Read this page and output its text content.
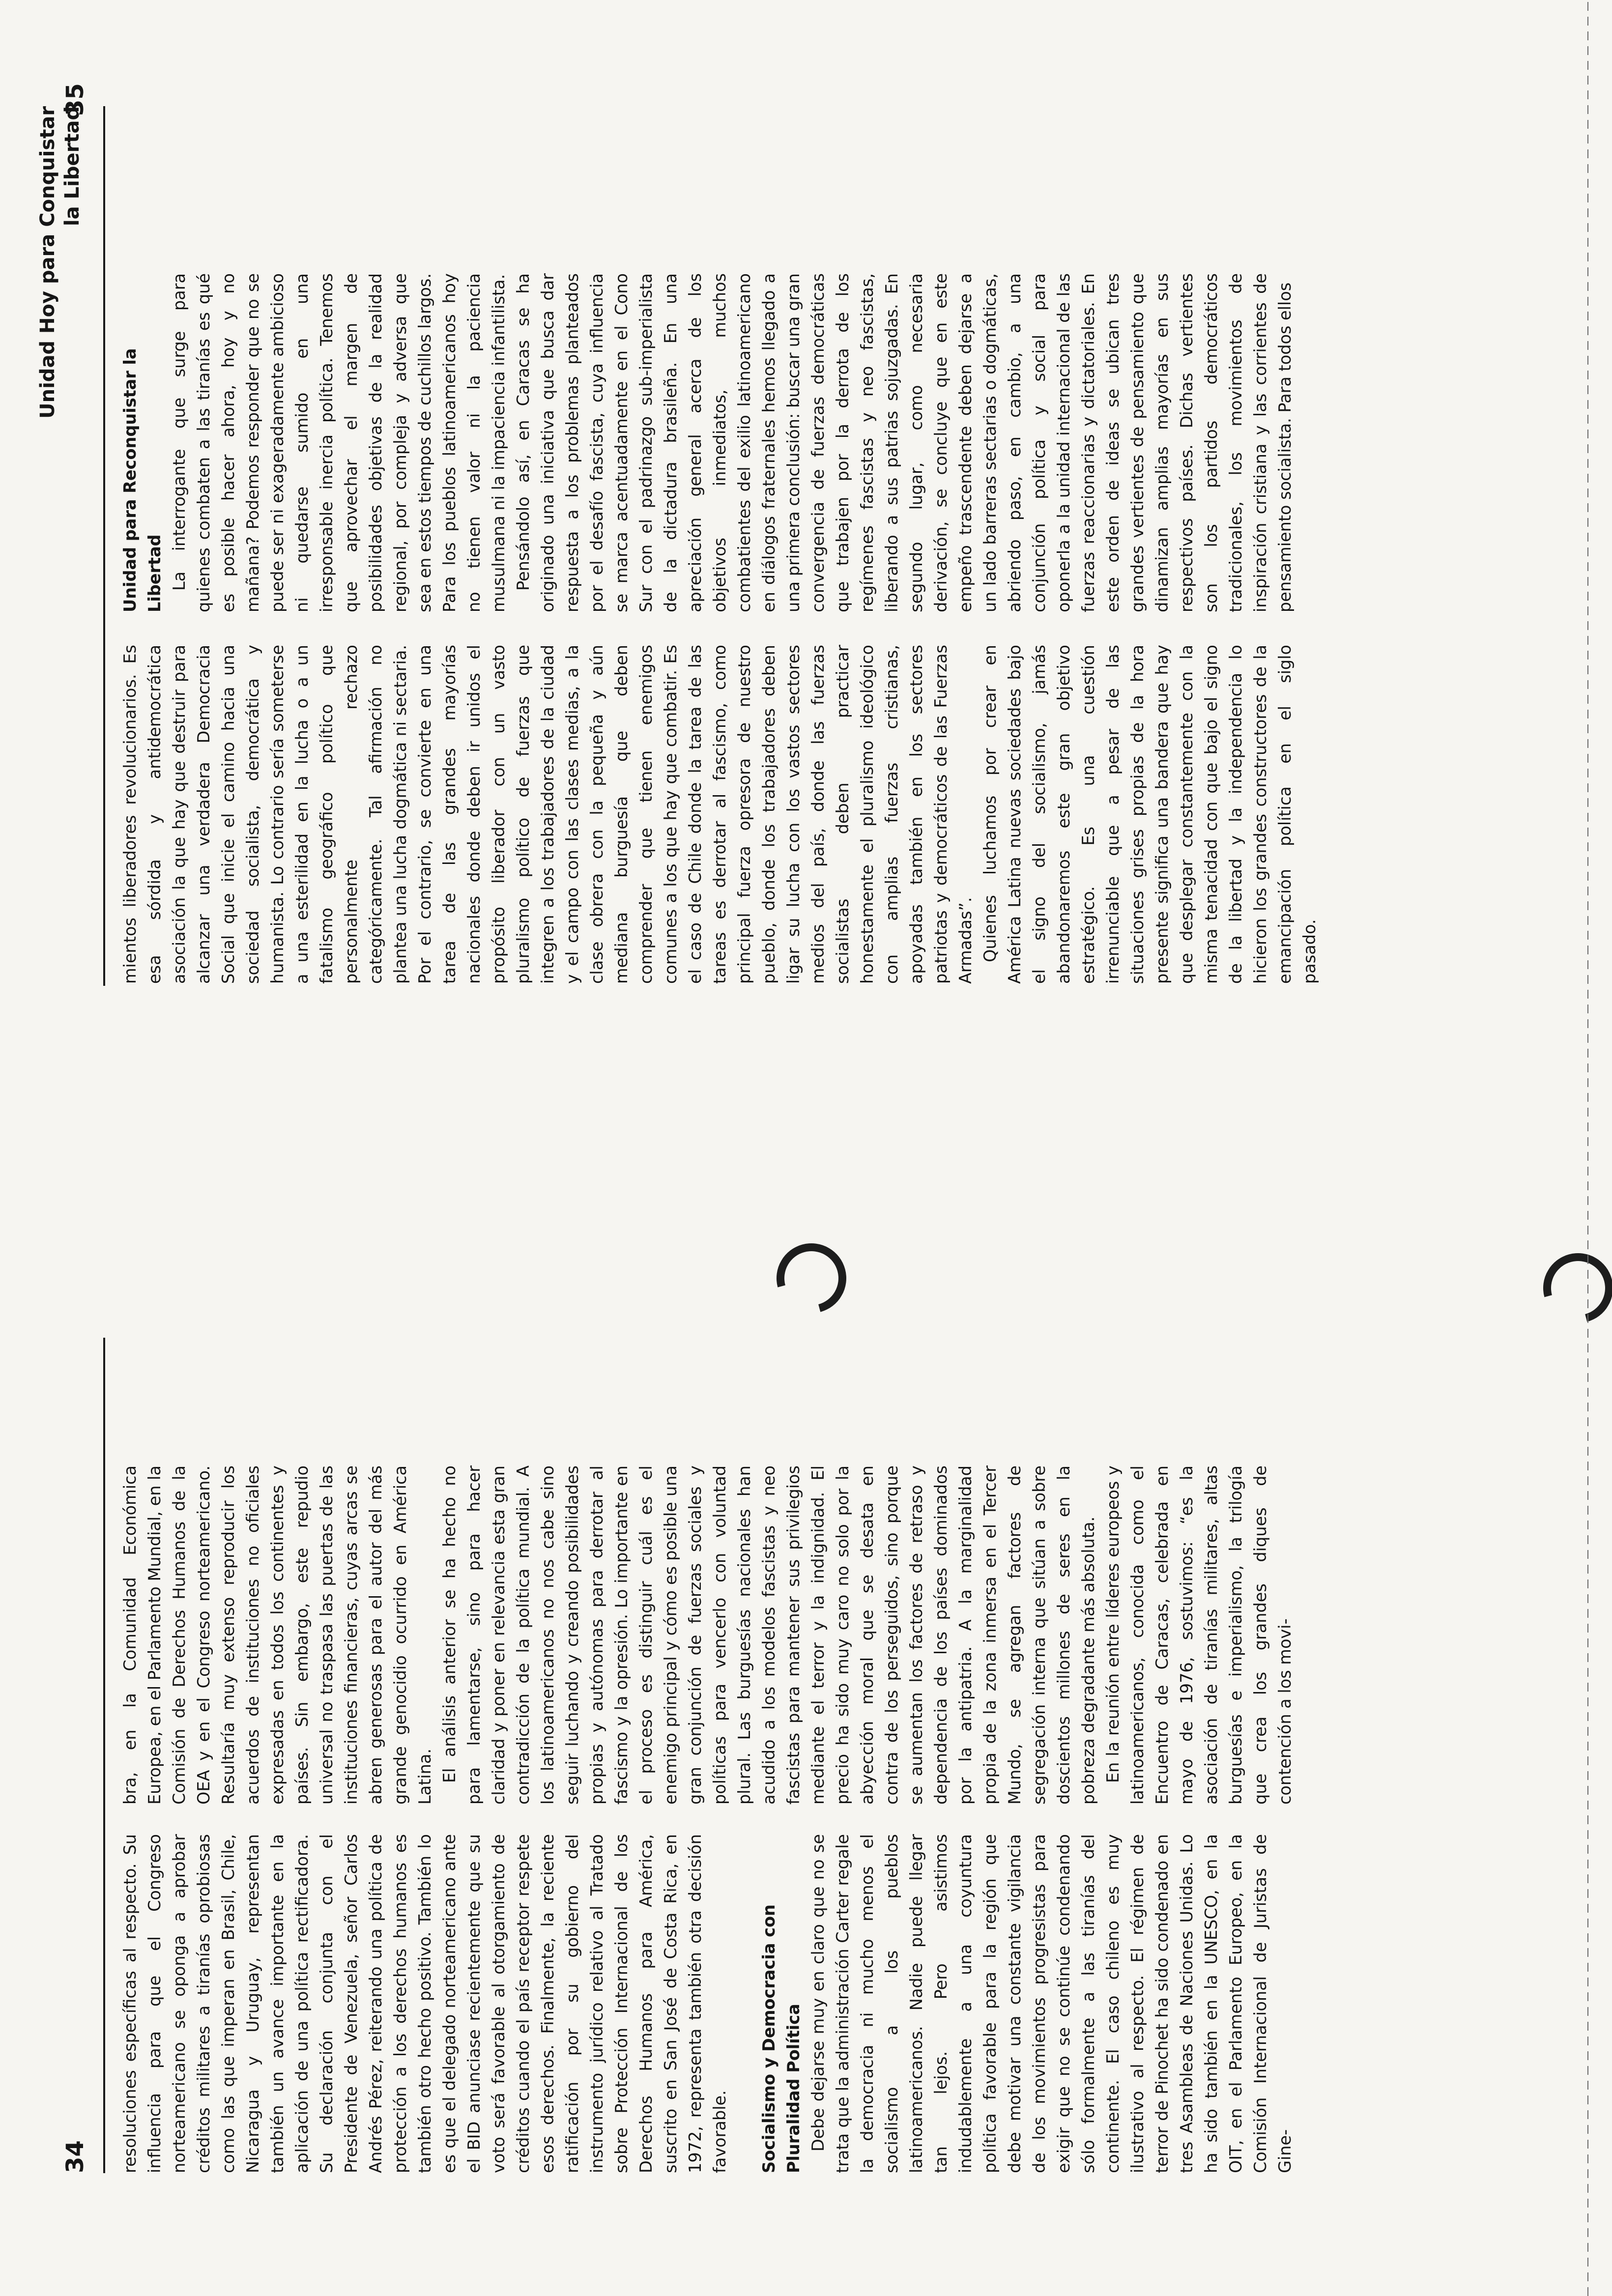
34 resoluciones específicas al respecto. Su influencia para que el Congreso norteamericano se oponga a aprobar créditos militares a tiranías oprobiosas como las que imperan en Brasil, Chile, Nicaragua y Uruguay, representan también un avance importante en la aplicación de una política rectificadora. Su declaración conjunta con el Presidente de Venezuela, señor Carlos Andrés Pérez, reiterando una política de protección a los derechos humanos es también otro hecho positivo. También lo es que el delegado norteamericano ante el BID anunciase recientemente que su voto será favorable al otorgamiento de créditos cuando el país receptor respete esos derechos. Finalmente, la reciente ratificación por su gobierno del instrumento jurídico relativo al Tratado sobre Protección Internacional de los Derechos Humanos para América, suscrito en San José de Costa Rica, en 1972, representa también otra decisión favorable. Socialismo y Democracia con Pluralidad Política Debe dejarse muy en claro que no se trata que la administración Carter regale la democracia ni mucho menos el socialismo a los pueblos latinoamericanos. Nadie puede llegar tan lejos. Pero asistimos indudablemente a una coyuntura política favorable para la región que debe motivar una constante vigilancia de los movimientos progresistas para exigir que no se continúe condenando sólo formalmente a las tiranías del continente. El caso chileno es muy ilustrativo al respecto. El régimen de terror de Pinochet ha sido condenado en tres Asambleas de Naciones Unidas. Lo ha sido también en la UNESCO, en la OIT, en el Parlamento Europeo, en la Comisión Internacional de Juristas de Gine-

bra, en la Comunidad Económica Europea, en el Parlamento Mundial, en la Comisión de Derechos Humanos de la OEA y en el Congreso norteamericano. Resultaría muy extenso reproducir los acuerdos de instituciones no oficiales expresadas en todos los continentes y países. Sin embargo, este repudio universal no traspasa las puertas de las instituciones financieras, cuyas arcas se abren generosas para el autor del más grande genocidio ocurrido en América Latina. El análisis anterior se ha hecho no para lamentarse, sino para hacer claridad y poner en relevancia esta gran contradicción de la política mundial. A los latinoamericanos no nos cabe sino seguir luchando y creando posibilidades propias y autónomas para derrotar al fascismo y la opresión. Lo importante en el proceso es distinguir cuál es el enemigo principal y cómo es posible una gran conjunción de fuerzas sociales y políticas para vencerlo con voluntad plural. Las burguesías nacionales han acudido a los modelos fascistas y neo fascistas para mantener sus privilegios mediante el terror y la indignidad. El precio ha sido muy caro no solo por la abyección moral que se desata en contra de los perseguidos, sino porque se aumentan los factores de retraso y dependencia de los países dominados por la antipatria. A la marginalidad propia de la zona inmersa en el Tercer Mundo, se agregan factores de segregación interna que sitúan a sobre doscientos millones de seres en la pobreza degradante más absoluta. En la reunión entre líderes europeos y latinoamericanos, conocida como el Encuentro de Caracas, celebrada en mayo de 1976, sostuvimos: “es la asociación de tiranías militares, altas burguesías e imperialismo, la trilogía que crea los grandes diques de contención a los movi-

35
Unidad Hoy para Conquistar la Libertad

mientos liberadores revolucionarios. Es esa sórdida y antidemocrática asociación la que hay que destruir para alcanzar una verdadera Democracia Social que inicie el camino hacia una sociedad socialista, democrática y humanista. Lo contrario sería someterse a una esterilidad en la lucha o a un fatalismo geográfico político que personalmente rechazo categóricamente. Tal afirmación no plantea una lucha dogmática ni sectaria. Por el contrario, se convierte en una tarea de las grandes mayorías nacionales donde deben ir unidos el propósito liberador con un vasto pluralismo político de fuerzas que integren a los trabajadores de la ciudad y el campo con las clases medias, a la clase obrera con la pequeña y aún mediana burguesía que deben comprender que tienen enemigos comunes a los que hay que combatir. Es el caso de Chile donde la tarea de las tareas es derrotar al fascismo, como principal fuerza opresora de nuestro pueblo, donde los trabajadores deben ligar su lucha con los vastos sectores medios del país, donde las fuerzas socialistas deben practicar honestamente el pluralismo ideológico con amplias fuerzas cristianas, apoyadas también en los sectores patriotas y democráticos de las Fuerzas Armadas”. Quienes luchamos por crear en América Latina nuevas sociedades bajo el signo del socialismo, jamás abandonaremos este gran objetivo estratégico. Es una cuestión irrenunciable que a pesar de las situaciones grises propias de la hora presente significa una bandera que hay que desplegar constantemente con la misma tenacidad con que bajo el signo de la libertad y la independencia lo hicieron los grandes constructores de la emancipación política en el siglo pasado.

Unidad para Reconquistar la Libertad La interrogante que surge para quienes combaten a las tiranías es qué es posible hacer ahora, hoy y no mañana? Podemos responder que no se puede ser ni exageradamente ambicioso ni quedarse sumido en una irresponsable inercia política. Tenemos que aprovechar el margen de posibilidades objetivas de la realidad regional, por compleja y adversa que sea en estos tiempos de cuchillos largos. Para los pueblos latinoamericanos hoy no tienen valor ni la paciencia musulmana ni la impaciencia infantilista. Pensándolo así, en Caracas se ha originado una iniciativa que busca dar respuesta a los problemas planteados por el desafío fascista, cuya influencia se marca acentuadamente en el Cono Sur con el padrinazgo sub-imperialista de la dictadura brasileña. En una apreciación general acerca de los objetivos inmediatos, muchos combatientes del exilio latinoamericano en diálogos fraternales hemos llegado a una primera conclusión: buscar una gran convergencia de fuerzas democráticas que trabajen por la derrota de los regímenes fascistas y neo fascistas, liberando a sus patrias sojuzgadas. En segundo lugar, como necesaria derivación, se concluye que en este empeño trascendente deben dejarse a un lado barreras sectarias o dogmáticas, abriendo paso, en cambio, a una conjunción política y social para oponerla a la unidad internacional de las fuerzas reaccionarias y dictatoriales. En este orden de ideas se ubican tres grandes vertientes de pensamiento que dinamizan amplias mayorías en sus respectivos países. Dichas vertientes son los partidos democráticos tradicionales, los movimientos de inspiración cristiana y las corrientes de pensamiento socialista. Para todos ellos
